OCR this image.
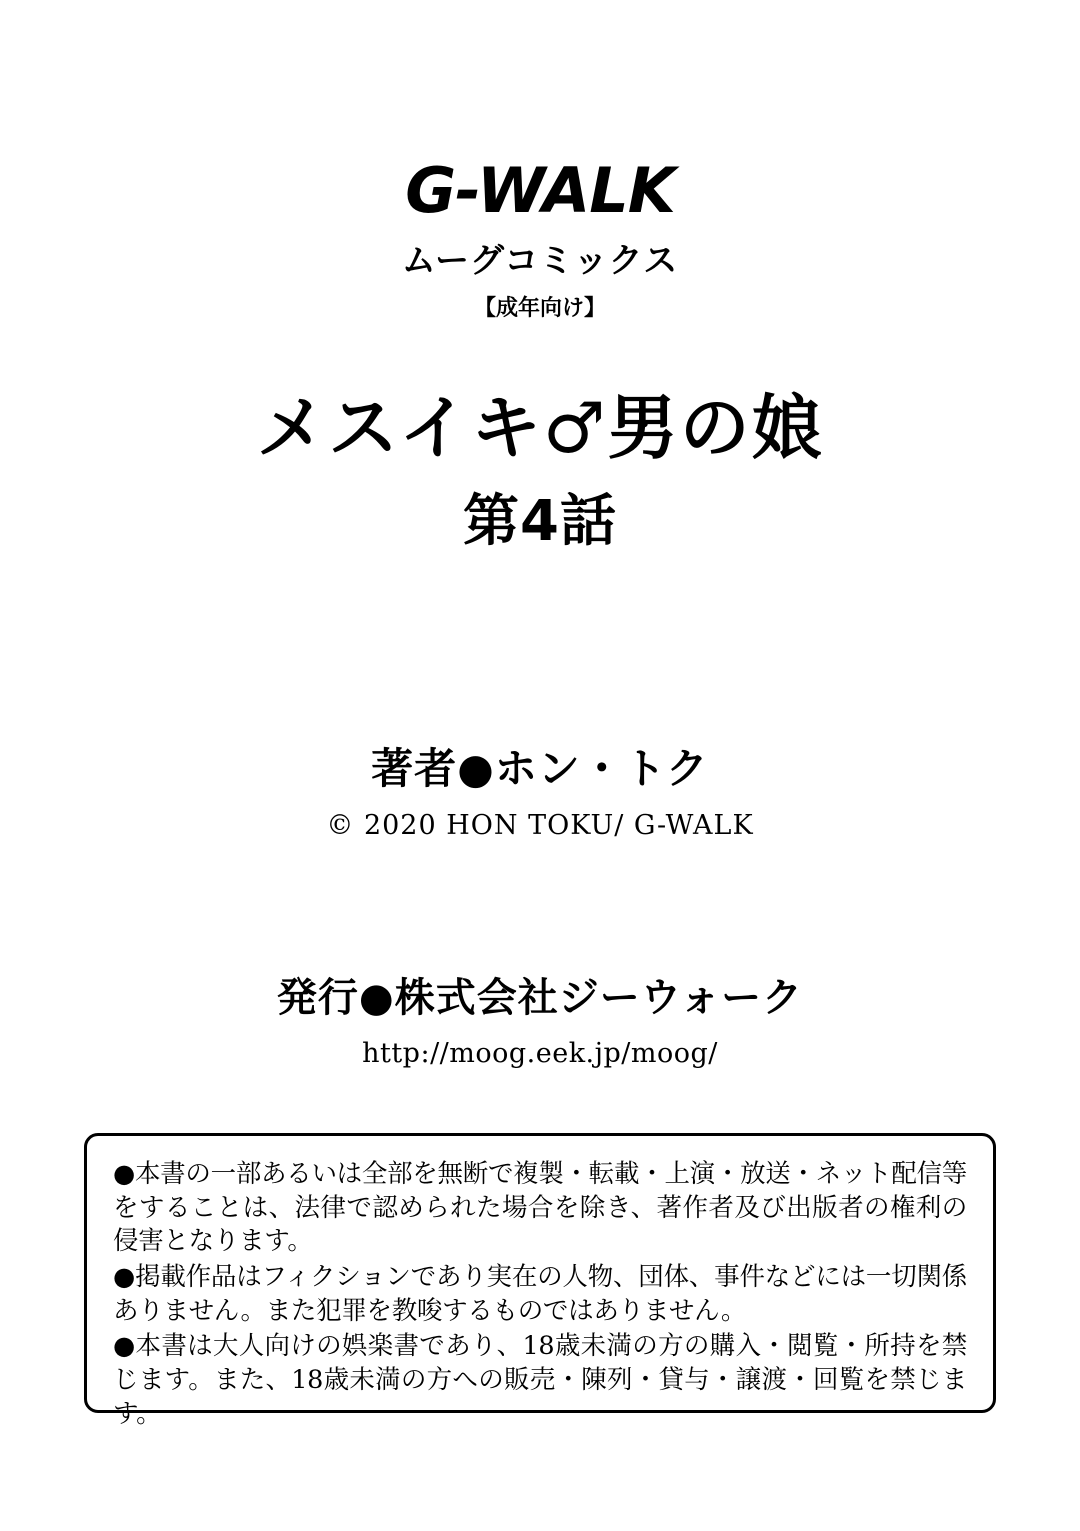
G-WALK
ムーグコミックス
【成年向け】
メスイキ♂男の娘
第4話
著者●ホン・トク
© 2020 HON TOKU/ G-WALK
発行●株式会社ジーウォーク
http://moog.eek.jp/moog/

●本書の一部あるいは全部を無断で複製・転載・上演・放送・ネット配信等をすることは、法律で認められた場合を除き、著作者及び出版者の権利の侵害となります。

●掲載作品はフィクションであり実在の人物、団体、事件などには一切関係ありません。また犯罪を教唆するものではありません。

●本書は大人向けの娯楽書であり、18歳未満の方の購入・閲覧・所持を禁じます。また、18歳未満の方への販売・陳列・貸与・譲渡・回覧を禁じます。
